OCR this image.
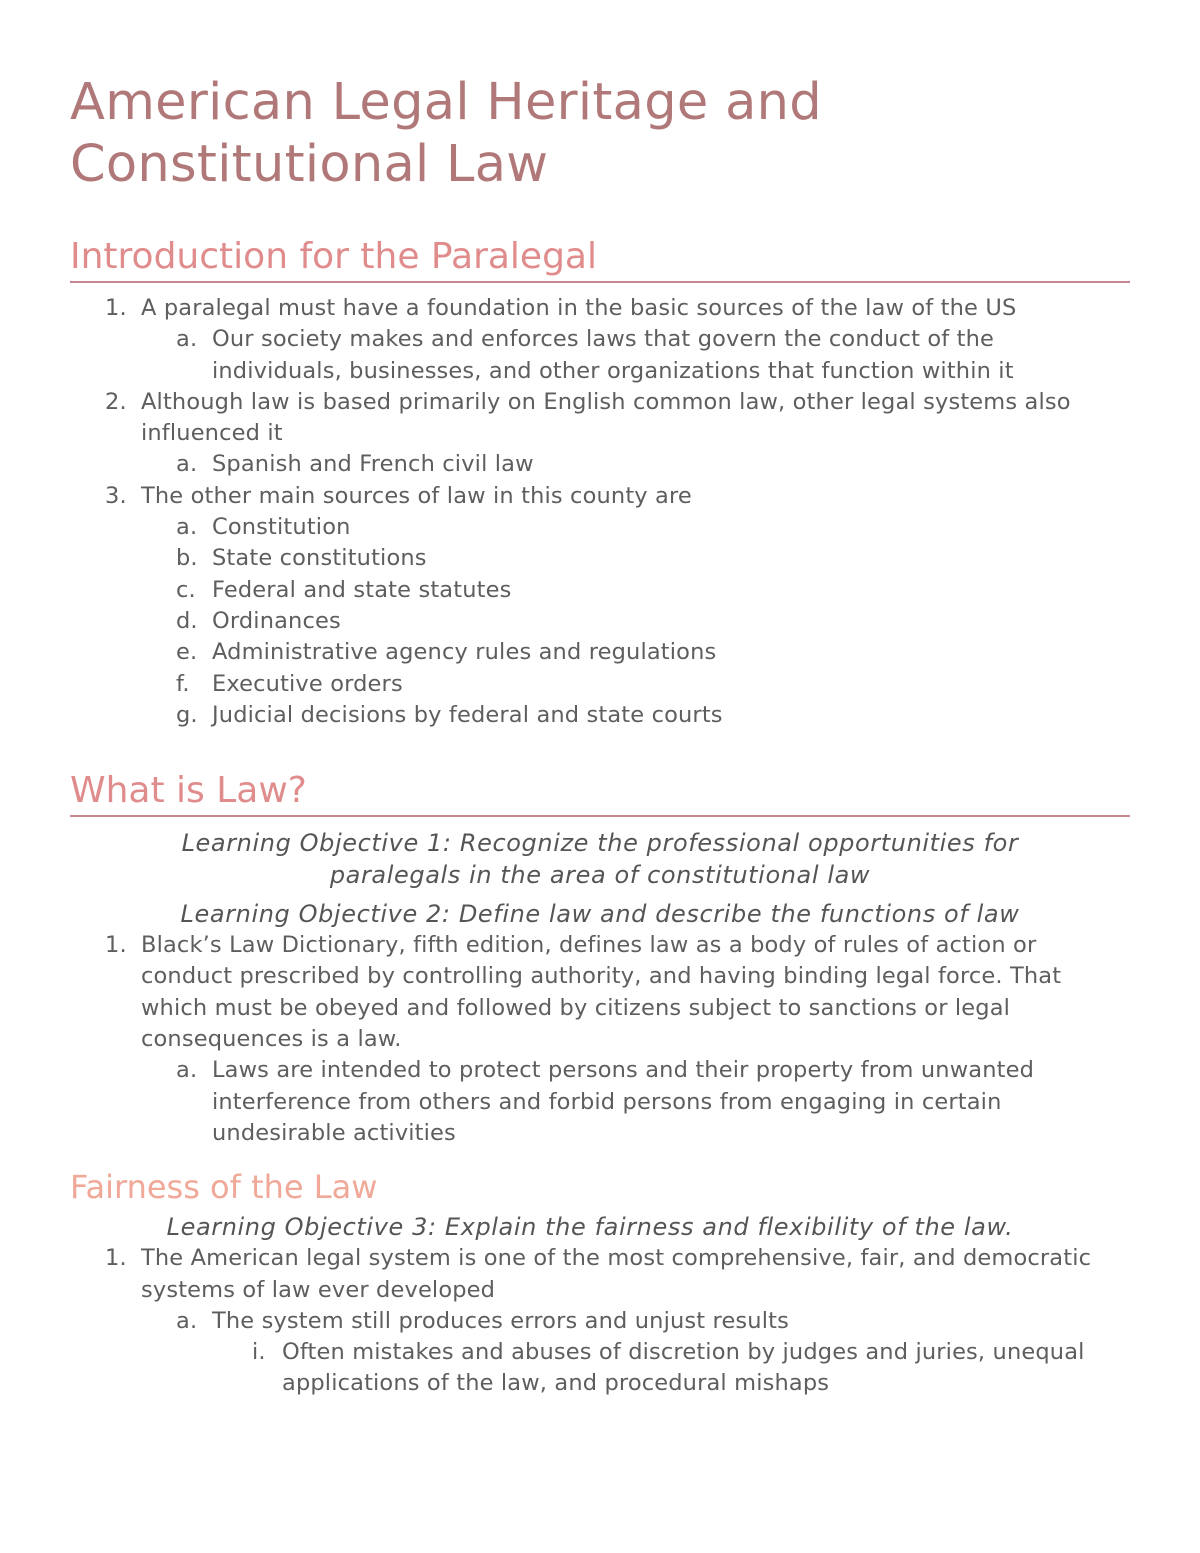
American Legal Heritage and
Constitutional Law
Introduction for the Paralegal
1. A paralegal must have a foundation in the basic sources of the law of the US
a. Our society makes and enforces laws that govern the conduct of the individuals, businesses, and other organizations that function within it
2. Although law is based primarily on English common law, other legal systems also influenced it
a. Spanish and French civil law
3. The other main sources of law in this county are
a. Constitution
b. State constitutions
c. Federal and state statutes
d. Ordinances
e. Administrative agency rules and regulations
f. Executive orders
g. Judicial decisions by federal and state courts
What is Law?

Learning Objective 1: Recognize the professional opportunities for paralegals in the area of constitutional law

Learning Objective 2: Define law and describe the functions of law

1. Black’s Law Dictionary, fifth edition, defines law as a body of rules of action or conduct prescribed by controlling authority, and having binding legal force. That which must be obeyed and followed by citizens subject to sanctions or legal consequences is a law.
a. Laws are intended to protect persons and their property from unwanted interference from others and forbid persons from engaging in certain undesirable activities
Fairness of the Law

Learning Objective 3: Explain the fairness and flexibility of the law.

1. The American legal system is one of the most comprehensive, fair, and democratic systems of law ever developed
a. The system still produces errors and unjust results
i. Often mistakes and abuses of discretion by judges and juries, unequal applications of the law, and procedural mishaps
